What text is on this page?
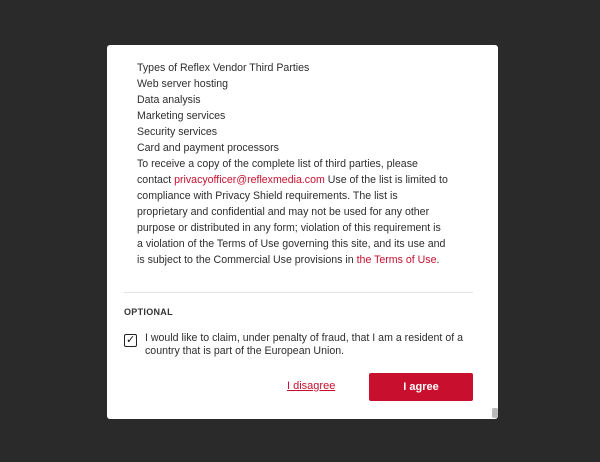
Types of Reflex Vendor Third Parties
Web server hosting
Data analysis
Marketing services
Security services
Card and payment processors
To receive a copy of the complete list of third parties, please
contact privacyofficer@reflexmedia.com Use of the list is limited to
compliance with Privacy Shield requirements. The list is
proprietary and confidential and may not be used for any other
purpose or distributed in any form; violation of this requirement is
a violation of the Terms of Use governing this site, and its use and
is subject to the Commercial Use provisions in the Terms of Use.
OPTIONAL
✓ I would like to claim, under penalty of fraud, that I am a resident of a country that is part of the European Union.
I disagree	I agree
